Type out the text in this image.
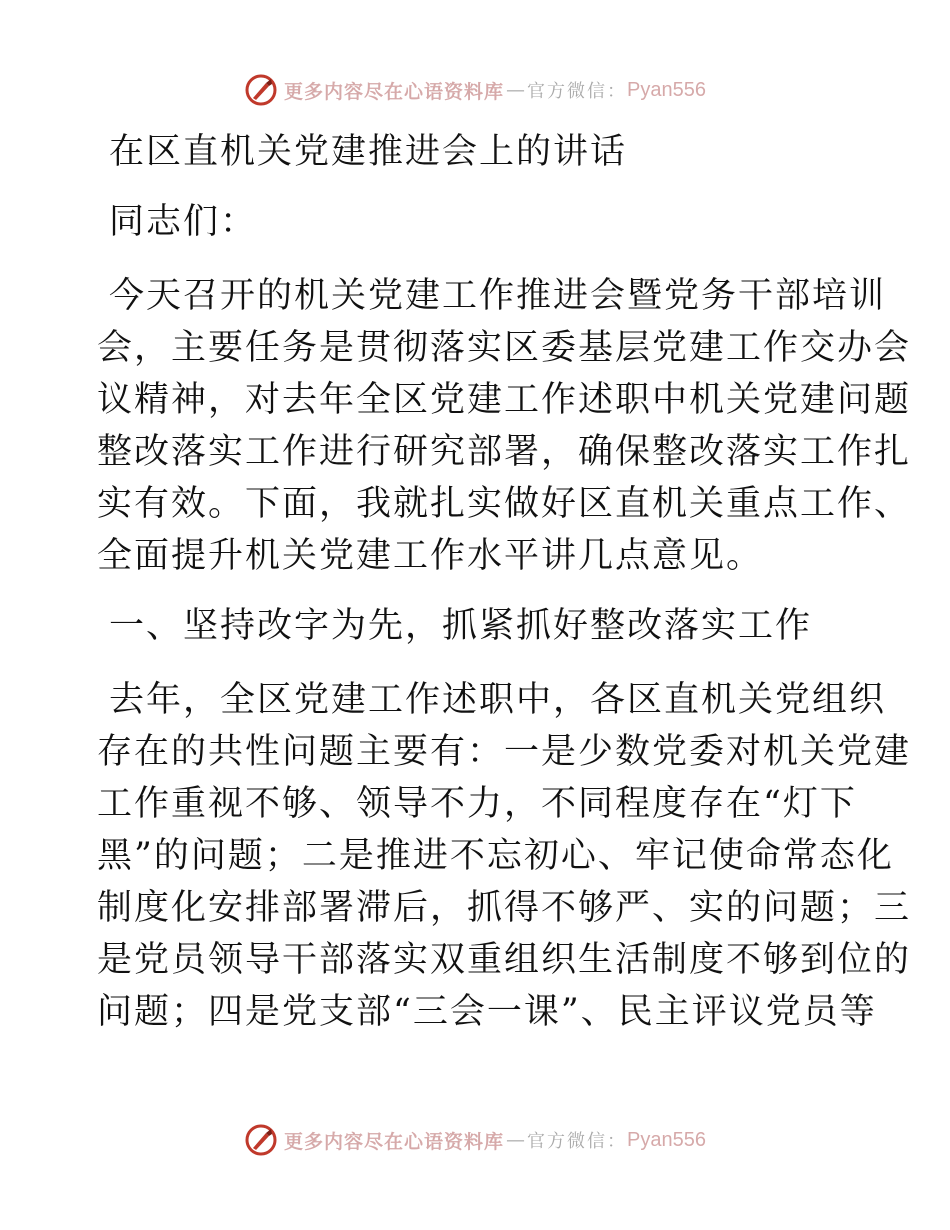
更多内容尽在心语资料库 — 官方微信： Pyan556
在区直机关党建推进会上的讲话
同志们：
今天召开的机关党建工作推进会暨党务干部培训
会，主要任务是贯彻落实区委基层党建工作交办会
议精神，对去年全区党建工作述职中机关党建问题
整改落实工作进行研究部署，确保整改落实工作扎
实有效。下面，我就扎实做好区直机关重点工作、
全面提升机关党建工作水平讲几点意见。
一、坚持改字为先，抓紧抓好整改落实工作
去年，全区党建工作述职中，各区直机关党组织
存在的共性问题主要有：一是少数党委对机关党建
工作重视不够、领导不力，不同程度存在“灯下
黑”的问题；二是推进不忘初心、牢记使命常态化
制度化安排部署滞后，抓得不够严、实的问题；三
是党员领导干部落实双重组织生活制度不够到位的
问题；四是党支部“三会一课”、民主评议党员等
更多内容尽在心语资料库 — 官方微信： Pyan556
